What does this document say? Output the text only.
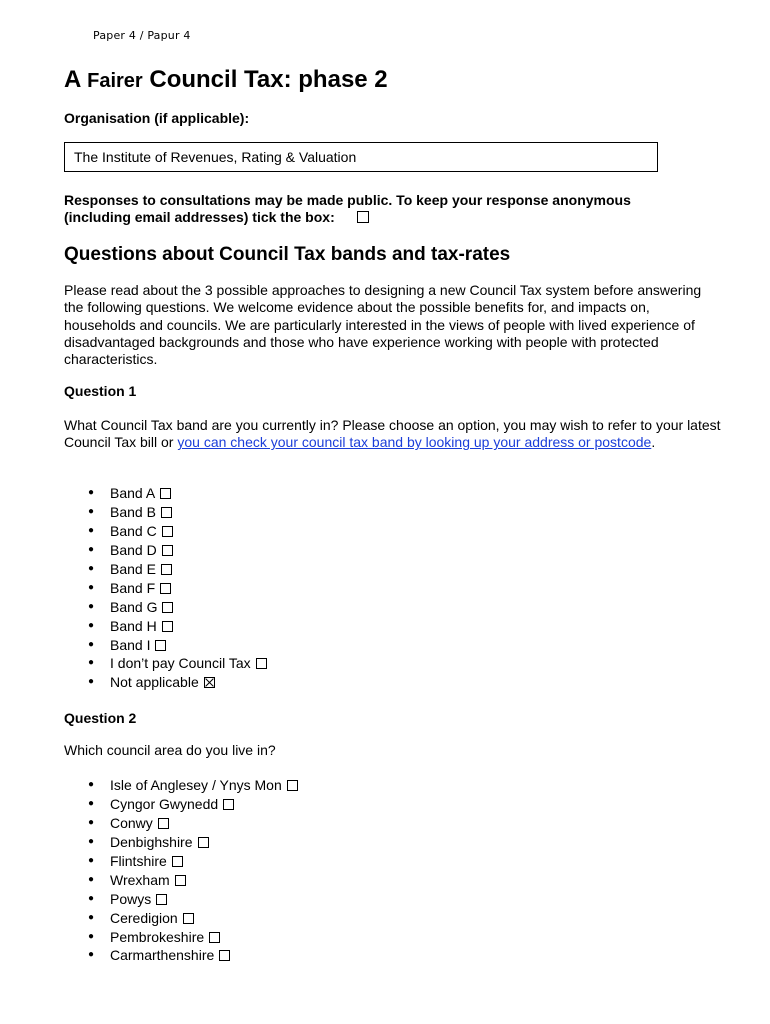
Paper 4 / Papur 4
A Fairer Council Tax: phase 2
Organisation (if applicable):
The Institute of Revenues, Rating & Valuation
Responses to consultations may be made public. To keep your response anonymous
(including email addresses) tick the box:
Questions about Council Tax bands and tax-rates

Please read about the 3 possible approaches to designing a new Council Tax system before answering the following questions. We welcome evidence about the possible benefits for, and impacts on, households and councils. We are particularly interested in the views of people with lived experience of disadvantaged backgrounds and those who have experience working with people with protected characteristics.

Question 1

What Council Tax band are you currently in? Please choose an option, you may wish to refer to your latest Council Tax bill or you can check your council tax band by looking up your address or postcode.

● Band A
● Band B
● Band C
● Band D
● Band E
● Band F
● Band G
● Band H
● Band I
● I don’t pay Council Tax
● Not applicable
Question 2

Which council area do you live in?

● Isle of Anglesey / Ynys Mon
● Cyngor Gwynedd
● Conwy
● Denbighshire
● Flintshire
● Wrexham
● Powys
● Ceredigion
● Pembrokeshire
● Carmarthenshire
